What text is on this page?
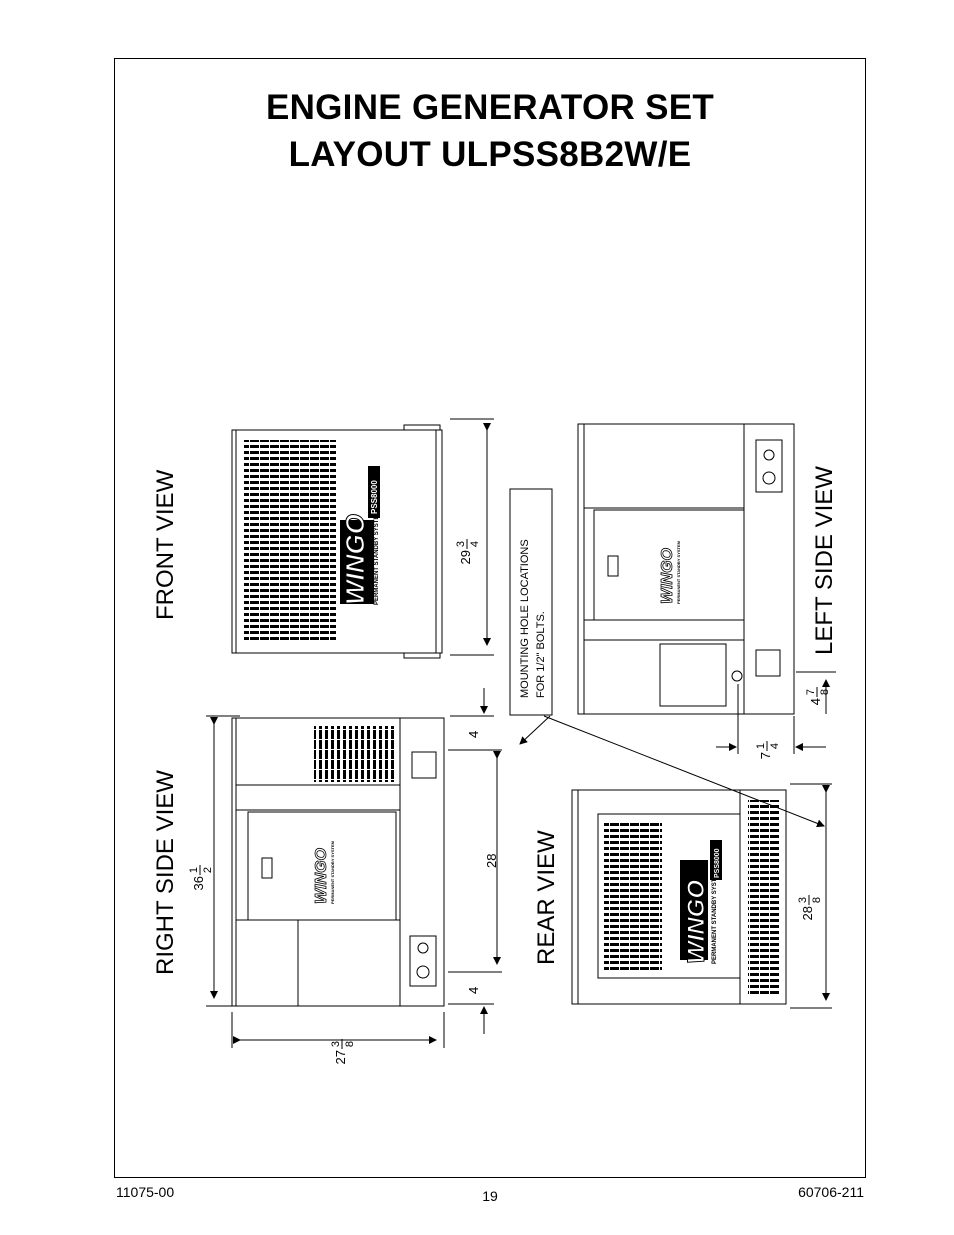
ENGINE GENERATOR SET
LAYOUT ULPSS8B2W/E
FRONT VIEW
RIGHT SIDE VIEW
LEFT SIDE VIEW
REAR VIEW
MOUNTING HOLE LOCATIONS FOR 1/2" BOLTS.
29
3 4
36
1 2
27
3 8
4
28
4
28
3 8
4
7 8
7
1 4
WINGO PERMANENT STANDBY SYSTEM
PSS8000
WINGO PERMANENT STANDBY SYSTEM
WINGO PERMANENT STANDBY SYSTEM
WINGO PERMANENT STANDBY SYSTEM
PSS8000
11075-00	19	60706-211
